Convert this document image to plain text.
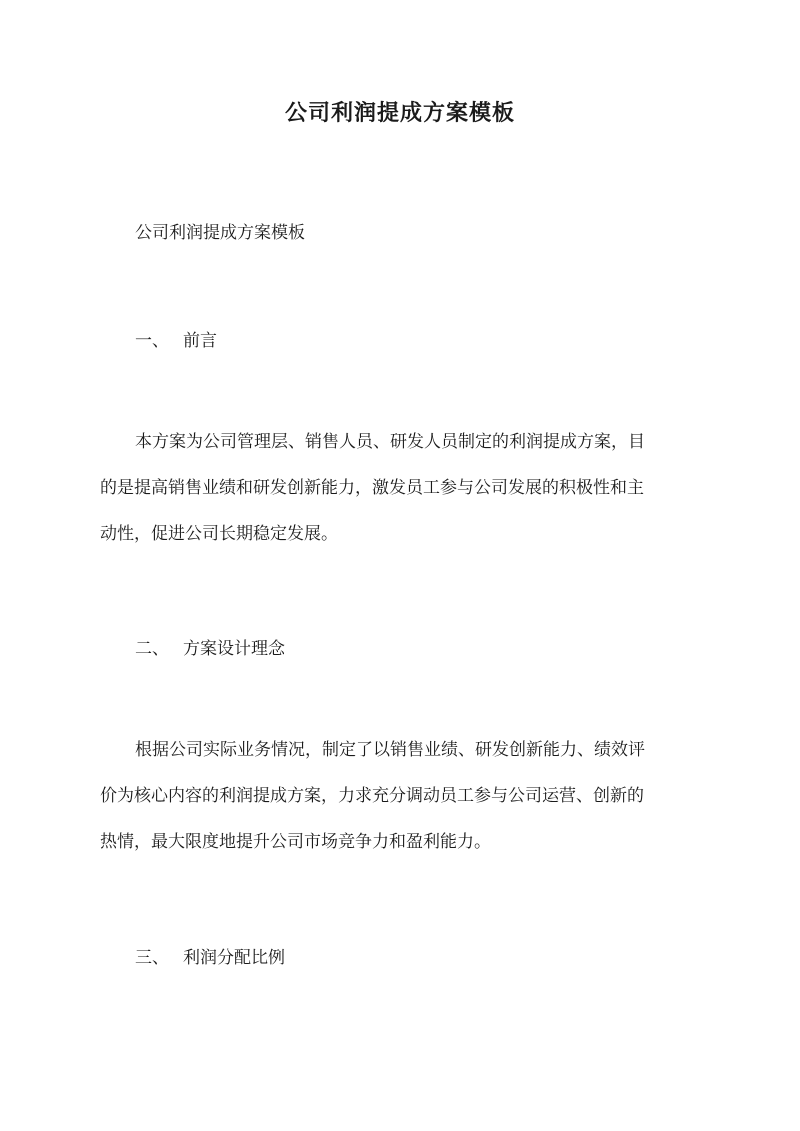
公司利润提成方案模板
公司利润提成方案模板
一、 前言

本方案为公司管理层、销售人员、研发人员制定的利润提成方案，目

的是提高销售业绩和研发创新能力，激发员工参与公司发展的积极性和主

动性，促进公司长期稳定发展。

二、 方案设计理念

根据公司实际业务情况，制定了以销售业绩、研发创新能力、绩效评

价为核心内容的利润提成方案，力求充分调动员工参与公司运营、创新的

热情，最大限度地提升公司市场竞争力和盈利能力。

三、 利润分配比例
